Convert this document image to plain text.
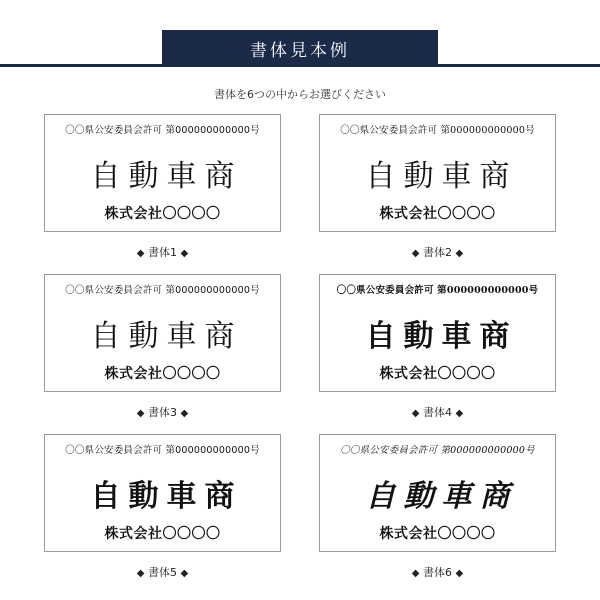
書体見本例
書体を6つの中からお選びください
〇〇県公安委員会許可 第000000000000号
自動車商
株式会社〇〇〇〇
◆ 書体1 ◆
〇〇県公安委員会許可 第000000000000号
自動車商
株式会社〇〇〇〇
◆ 書体2 ◆
〇〇県公安委員会許可 第000000000000号
自動車商
株式会社〇〇〇〇
◆ 書体3 ◆
〇〇県公安委員会許可 第000000000000号
自動車商
株式会社〇〇〇〇
◆ 書体4 ◆
〇〇県公安委員会許可 第000000000000号
自動車商
株式会社〇〇〇〇
◆ 書体5 ◆
〇〇県公安委員会許可 第000000000000号
自動車商
株式会社〇〇〇〇
◆ 書体6 ◆
